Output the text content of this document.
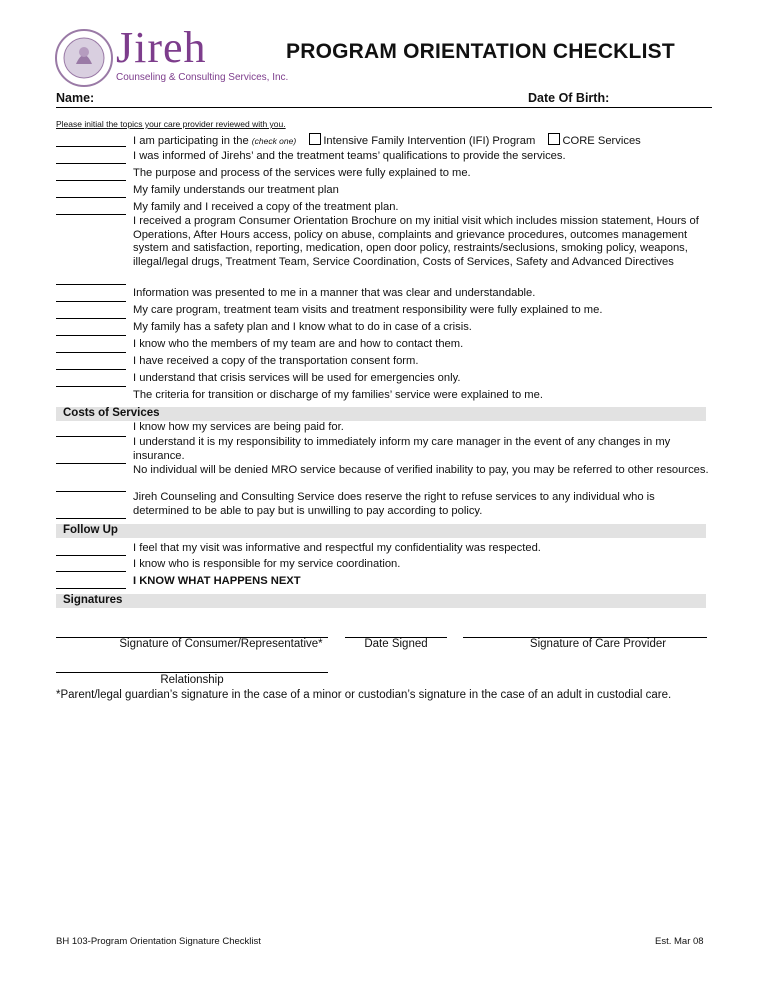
Jireh
Counseling & Consulting Services, Inc.
PROGRAM ORIENTATION CHECKLIST
Name:	Date Of Birth:
Please initial the topics your care provider reviewed with you.
I am participating in the (check one) Intensive Family Intervention (IFI) Program CORE Services
I was informed of Jirehs’ and the treatment teams’ qualifications to provide the services.
The purpose and process of the services were fully explained to me.
My family understands our treatment plan
My family and I received a copy of the treatment plan.
I received a program Consumer Orientation Brochure on my initial visit which includes mission statement, Hours of Operations, After Hours access, policy on abuse, complaints and grievance procedures, outcomes management system and satisfaction, reporting, medication, open door policy, restraints/seclusions, smoking policy, weapons, illegal/legal drugs, Treatment Team, Service Coordination, Costs of Services, Safety and Advanced Directives
Information was presented to me in a manner that was clear and understandable.
My care program, treatment team visits and treatment responsibility were fully explained to me.
My family has a safety plan and I know what to do in case of a crisis.
I know who the members of my team are and how to contact them.
I have received a copy of the transportation consent form.
I understand that crisis services will be used for emergencies only.
The criteria for transition or discharge of my families’ service were explained to me.
Costs of Services
I know how my services are being paid for.
I understand it is my responsibility to immediately inform my care manager in the event of any changes in my insurance.
No individual will be denied MRO service because of verified inability to pay, you may be referred to other resources.
Jireh Counseling and Consulting Service does reserve the right to refuse services to any individual who is determined to be able to pay but is unwilling to pay according to policy.
Follow Up
I feel that my visit was informative and respectful my confidentiality was respected.
I know who is responsible for my service coordination.
I KNOW WHAT HAPPENS NEXT
Signatures
Signature of Consumer/Representative*	Date Signed	Signature of Care Provider
Relationship
*Parent/legal guardian’s signature in the case of a minor or custodian’s signature in the case of an adult in custodial care.
BH 103-Program Orientation Signature Checklist	Est. Mar 08
